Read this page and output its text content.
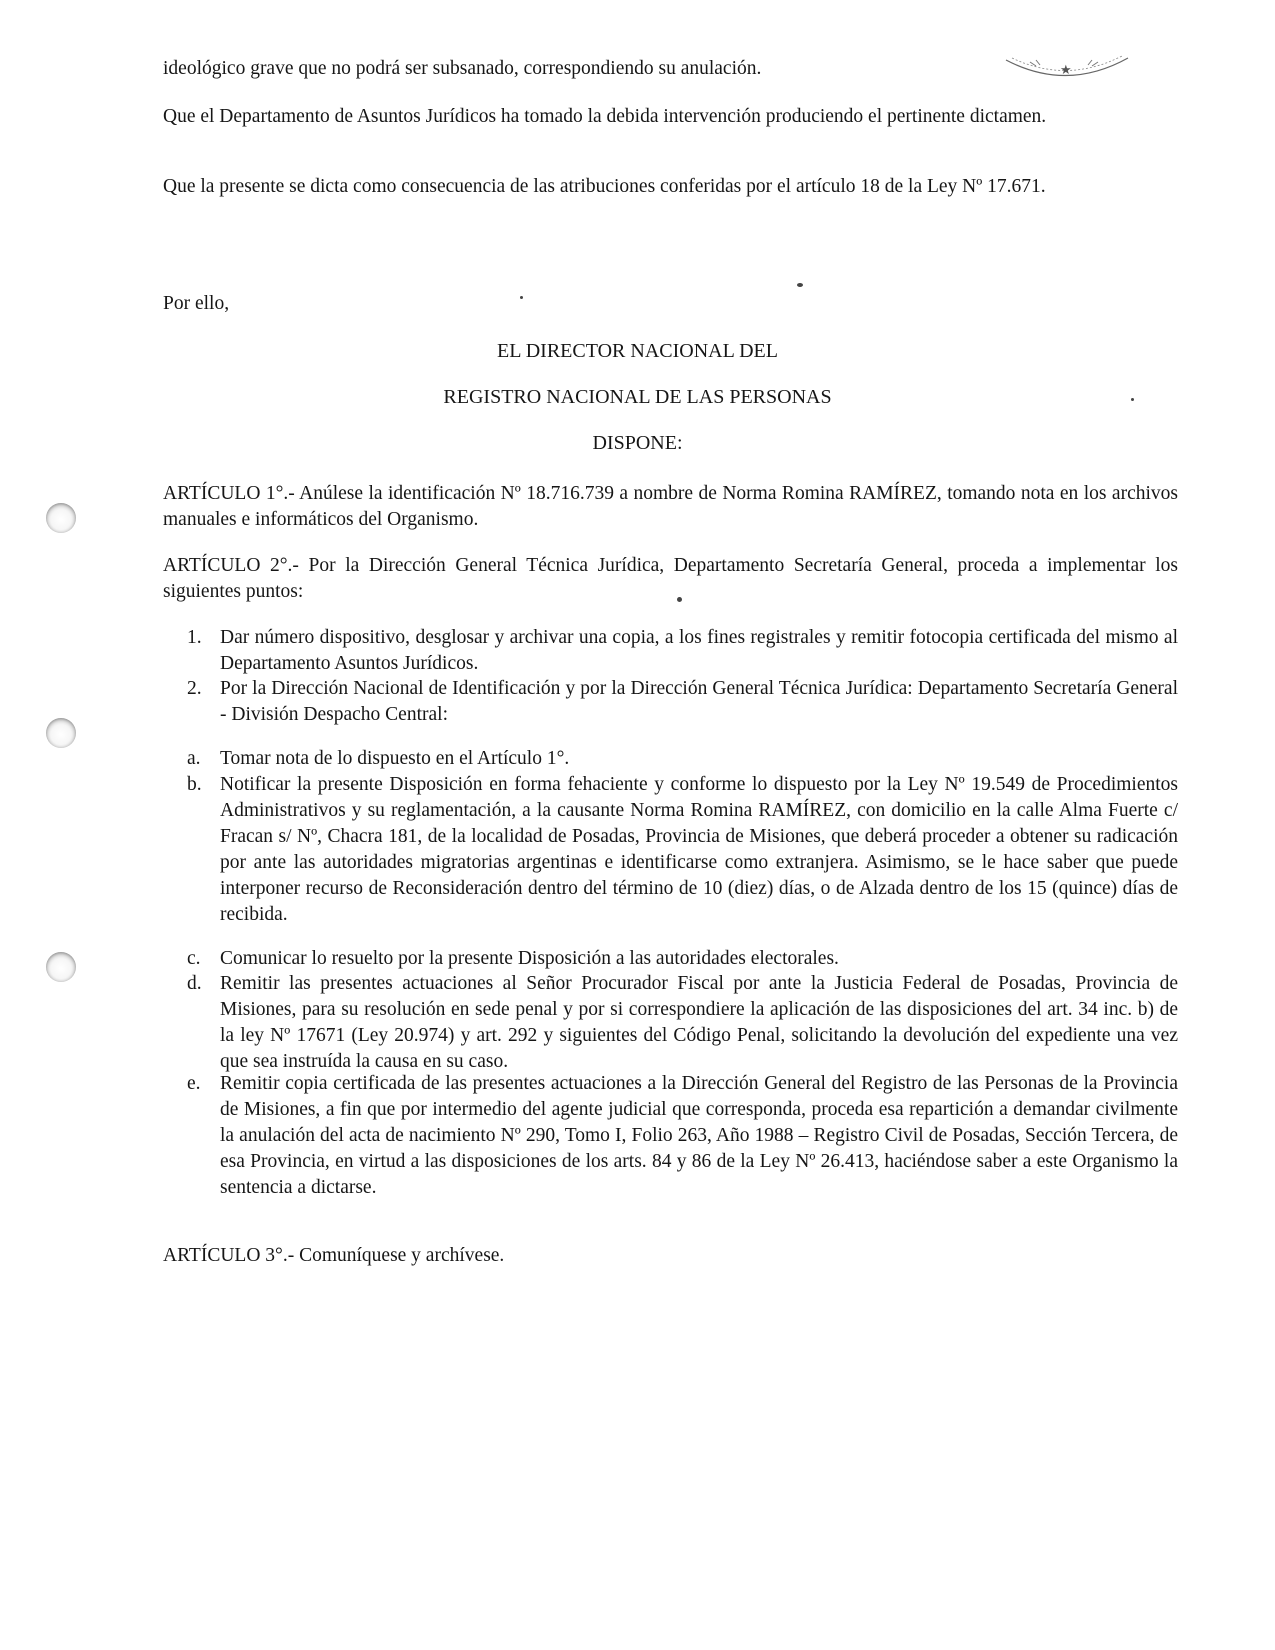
★

ideológico grave que no podrá ser subsanado, correspondiendo su anulación.

Que el Departamento de Asuntos Jurídicos ha tomado la debida intervención produciendo el pertinente dictamen.

Que la presente se dicta como consecuencia de las atribuciones conferidas por el artículo 18 de la Ley Nº 17.671.

Por ello,

EL DIRECTOR NACIONAL DEL

REGISTRO NACIONAL DE LAS PERSONAS

DISPONE:

ARTÍCULO 1°.- Anúlese la identificación Nº 18.716.739 a nombre de Norma Romina RAMÍREZ, tomando nota en los archivos manuales e informáticos del Organismo.

ARTÍCULO 2°.- Por la Dirección General Técnica Jurídica, Departamento Secretaría General, proceda a implementar los siguientes puntos:

1. Dar número dispositivo, desglosar y archivar una copia, a los fines registrales y remitir fotocopia certificada del mismo al Departamento Asuntos Jurídicos.
2. Por la Dirección Nacional de Identificación y por la Dirección General Técnica Jurídica: Departamento Secretaría General - División Despacho Central:
a. Tomar nota de lo dispuesto en el Artículo 1°.
b. Notificar la presente Disposición en forma fehaciente y conforme lo dispuesto por la Ley Nº 19.549 de Procedimientos Administrativos y su reglamentación, a la causante Norma Romina RAMÍREZ, con domicilio en la calle Alma Fuerte c/ Fracan s/ Nº, Chacra 181, de la localidad de Posadas, Provincia de Misiones, que deberá proceder a obtener su radicación por ante las autoridades migratorias argentinas e identificarse como extranjera. Asimismo, se le hace saber que puede interponer recurso de Reconsideración dentro del término de 10 (diez) días, o de Alzada dentro de los 15 (quince) días de recibida.
c. Comunicar lo resuelto por la presente Disposición a las autoridades electorales.
d. Remitir las presentes actuaciones al Señor Procurador Fiscal por ante la Justicia Federal de Posadas, Provincia de Misiones, para su resolución en sede penal y por si correspondiere la aplicación de las disposiciones del art. 34 inc. b) de la ley Nº 17671 (Ley 20.974) y art. 292 y siguientes del Código Penal, solicitando la devolución del expediente una vez que sea instruída la causa en su caso.
e. Remitir copia certificada de las presentes actuaciones a la Dirección General del Registro de las Personas de la Provincia de Misiones, a fin que por intermedio del agente judicial que corresponda, proceda esa repartición a demandar civilmente la anulación del acta de nacimiento Nº 290, Tomo I, Folio 263, Año 1988 – Registro Civil de Posadas, Sección Tercera, de esa Provincia, en virtud a las disposiciones de los arts. 84 y 86 de la Ley Nº 26.413, haciéndose saber a este Organismo la sentencia a dictarse.

ARTÍCULO 3°.- Comuníquese y archívese.
